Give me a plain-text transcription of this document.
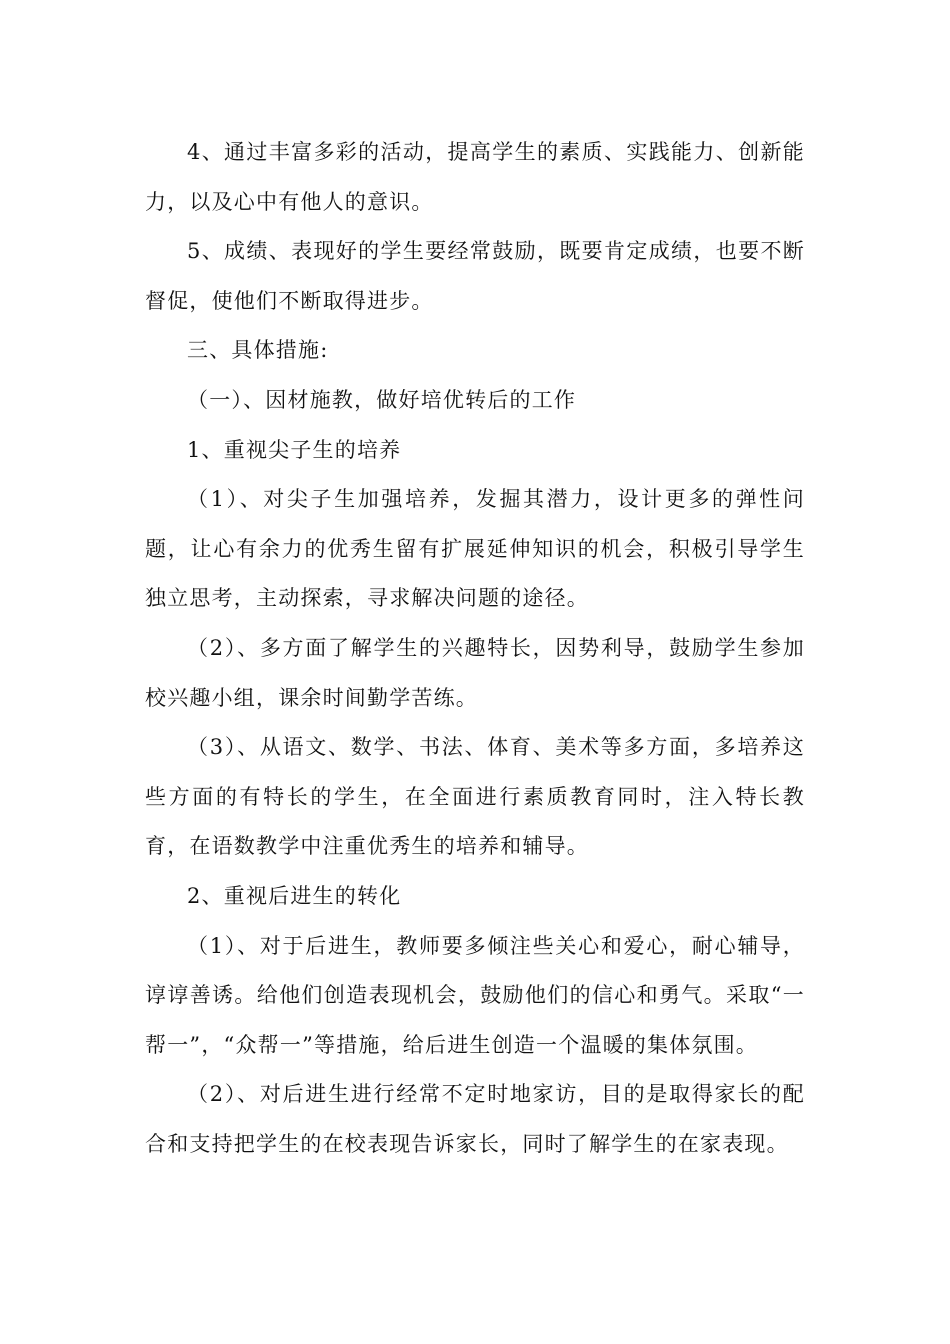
4、通过丰富多彩的活动，提高学生的素质、实践能力、创新能力，以及心中有他人的意识。

5、成绩、表现好的学生要经常鼓励，既要肯定成绩，也要不断督促，使他们不断取得进步。

三、具体措施:

（一）、因材施教，做好培优转后的工作

1、重视尖子生的培养

（1）、对尖子生加强培养，发掘其潜力，设计更多的弹性问题，让心有余力的优秀生留有扩展延伸知识的机会，积极引导学生独立思考，主动探索，寻求解决问题的途径。

（2）、多方面了解学生的兴趣特长，因势利导，鼓励学生参加校兴趣小组，课余时间勤学苦练。

（3）、从语文、数学、书法、体育、美术等多方面，多培养这些方面的有特长的学生，在全面进行素质教育同时，注入特长教育，在语数教学中注重优秀生的培养和辅导。

2、重视后进生的转化

（1）、对于后进生，教师要多倾注些关心和爱心，耐心辅导，谆谆善诱。给他们创造表现机会，鼓励他们的信心和勇气。采取“一帮一”，“众帮一”等措施，给后进生创造一个温暖的集体氛围。

（2）、对后进生进行经常不定时地家访，目的是取得家长的配合和支持把学生的在校表现告诉家长，同时了解学生的在家表现。
